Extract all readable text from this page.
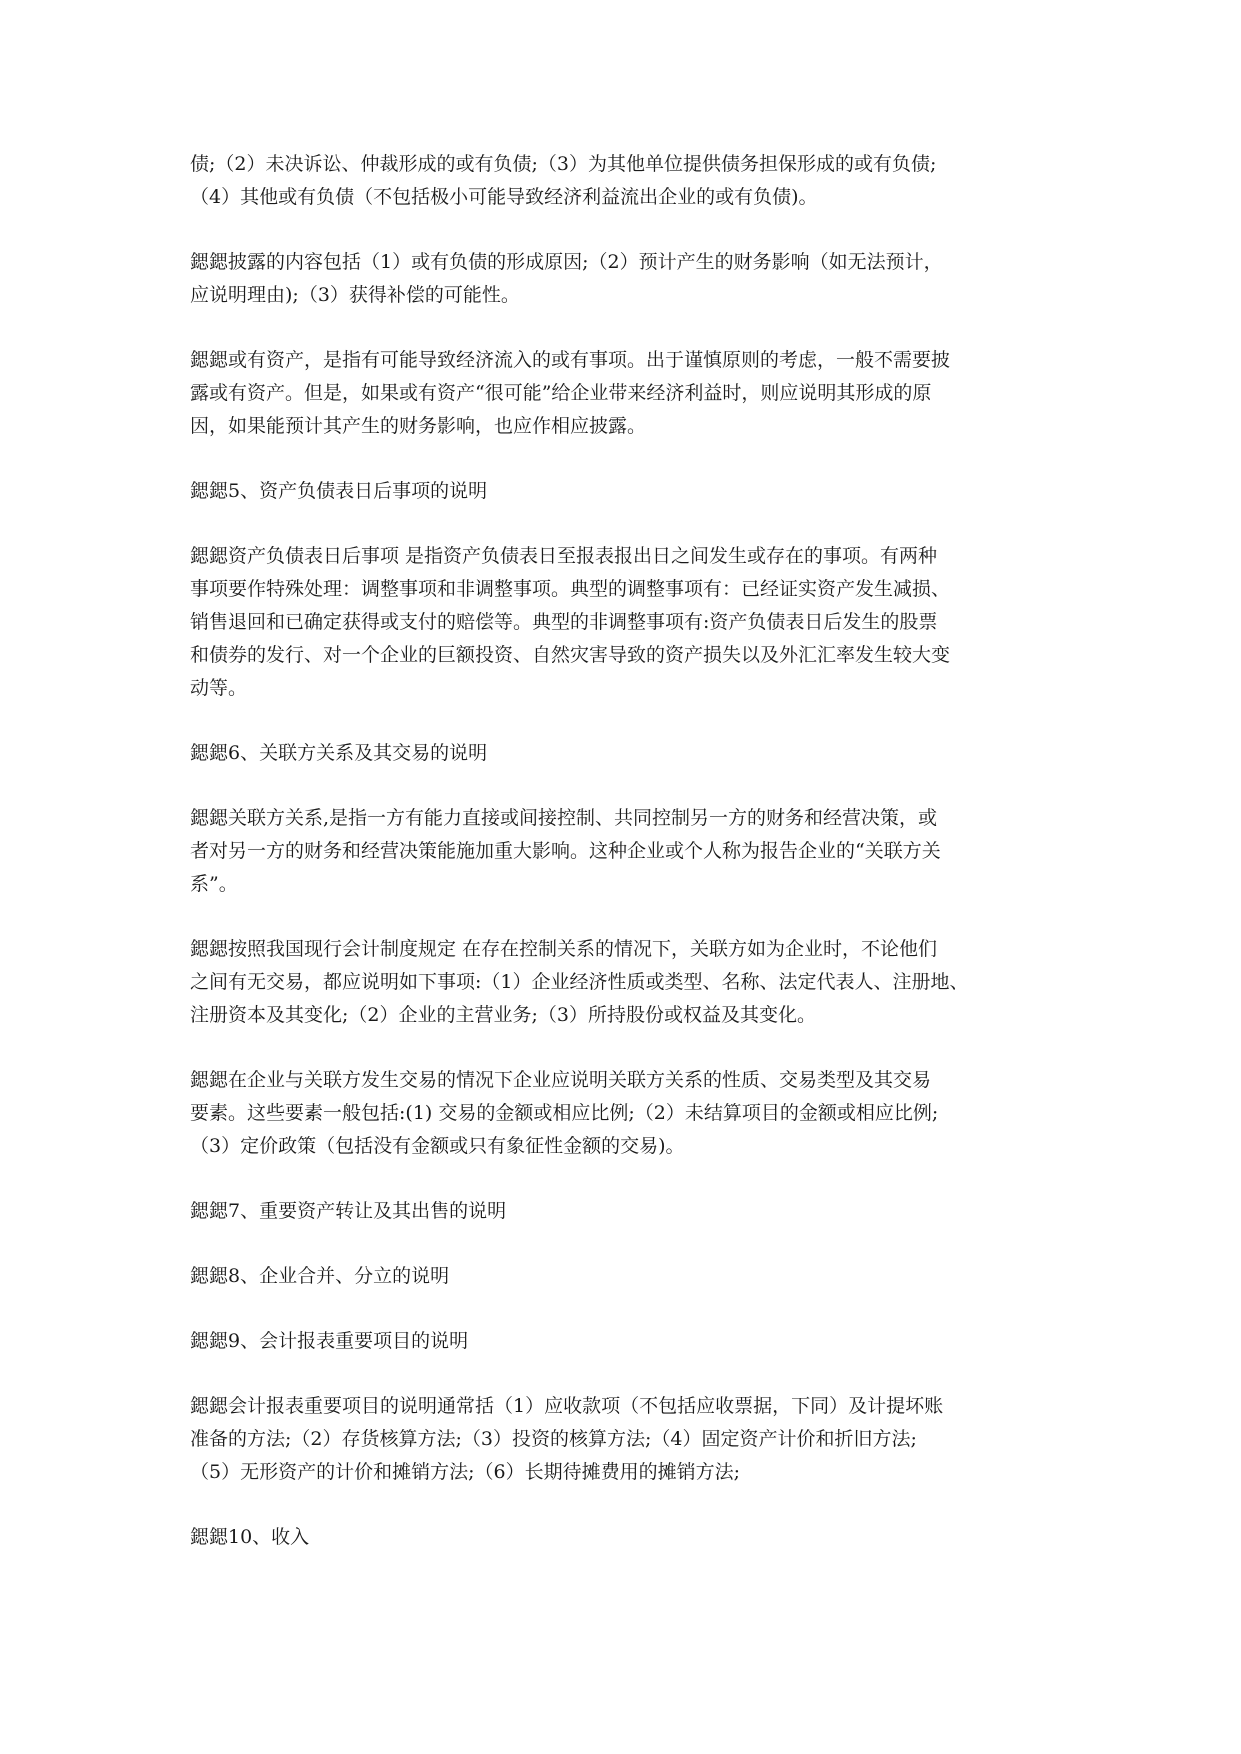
债;（2）未决诉讼、仲裁形成的或有负债;（3）为其他单位提供债务担保形成的或有负债;
（4）其他或有负债（不包括极小可能导致经济利益流出企业的或有负债)。

鍶鍶披露的内容包括（1）或有负债的形成原因;（2）预计产生的财务影响（如无法预计，
应说明理由);（3）获得补偿的可能性。

鍶鍶或有资产，是指有可能导致经济流入的或有事项。出于谨慎原则的考虑，一般不需要披
露或有资产。但是，如果或有资产“很可能”给企业带来经济利益时，则应说明其形成的原
因，如果能预计其产生的财务影响，也应作相应披露。

鍶鍶5、资产负债表日后事项的说明

鍶鍶资产负债表日后事项 是指资产负债表日至报表报出日之间发生或存在的事项。有两种
事项要作特殊处理：调整事项和非调整事项。典型的调整事项有：已经证实资产发生减损、
销售退回和已确定获得或支付的赔偿等。典型的非调整事项有:资产负债表日后发生的股票
和债券的发行、对一个企业的巨额投资、自然灾害导致的资产损失以及外汇汇率发生较大变
动等。

鍶鍶6、关联方关系及其交易的说明

鍶鍶关联方关系,是指一方有能力直接或间接控制、共同控制另一方的财务和经营决策，或
者对另一方的财务和经营决策能施加重大影响。这种企业或个人称为报告企业的“关联方关
系”。

鍶鍶按照我国现行会计制度规定 在存在控制关系的情况下，关联方如为企业时，不论他们
之间有无交易，都应说明如下事项:（1）企业经济性质或类型、名称、法定代表人、注册地、
注册资本及其变化;（2）企业的主营业务;（3）所持股份或权益及其变化。

鍶鍶在企业与关联方发生交易的情况下企业应说明关联方关系的性质、交易类型及其交易
要素。这些要素一般包括:(1) 交易的金额或相应比例;（2）未结算项目的金额或相应比例;
（3）定价政策（包括没有金额或只有象征性金额的交易)。

鍶鍶7、重要资产转让及其出售的说明

鍶鍶8、企业合并、分立的说明

鍶鍶9、会计报表重要项目的说明

鍶鍶会计报表重要项目的说明通常括（1）应收款项（不包括应收票据，下同）及计提坏账
准备的方法;（2）存货核算方法;（3）投资的核算方法;（4）固定资产计价和折旧方法;
（5）无形资产的计价和摊销方法;（6）长期待摊费用的摊销方法;

鍶鍶10、收入
